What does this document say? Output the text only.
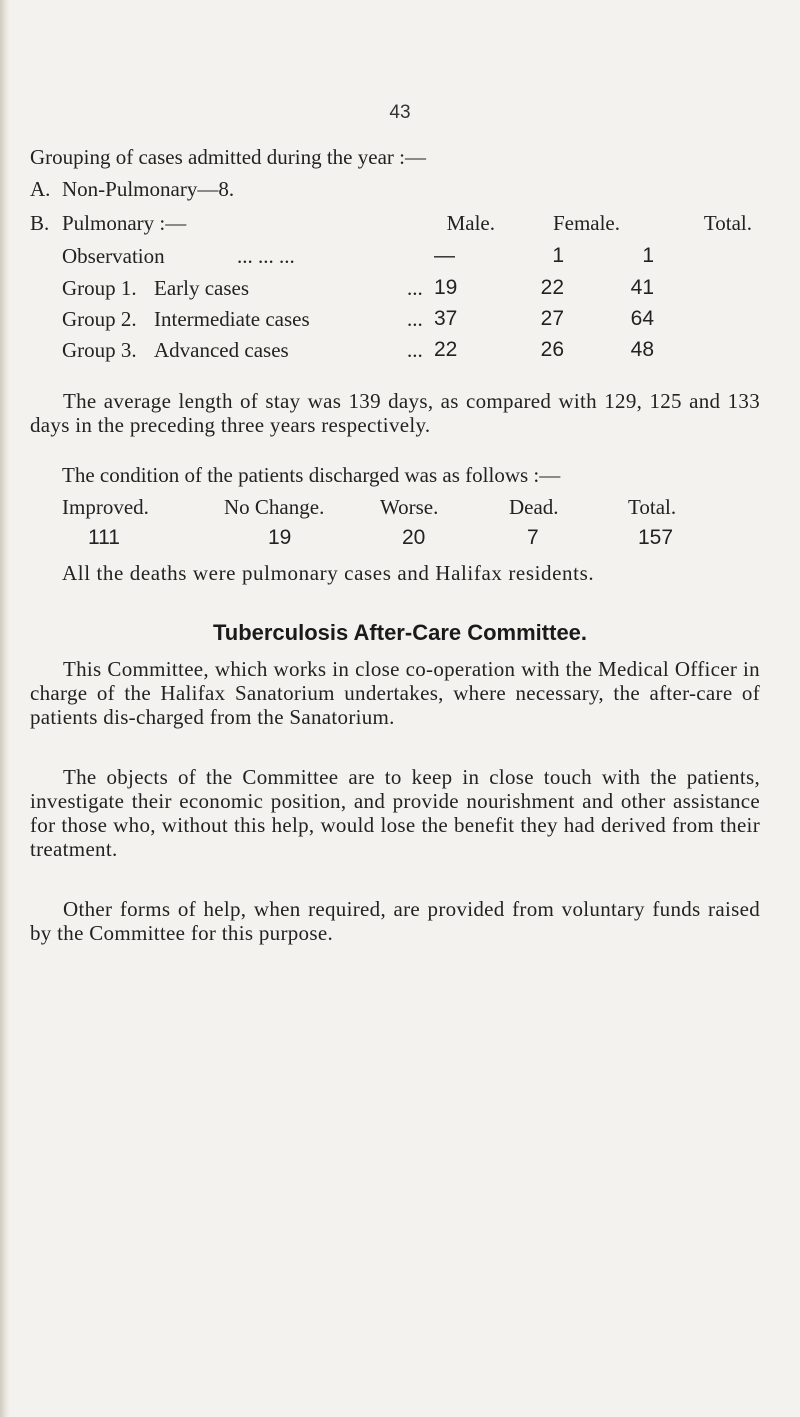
43
Grouping of cases admitted during the year :—
A. Non-Pulmonary—8.
B. Pulmonary :—	Male.	Female.	Total.
Observation	... ... ...	—	1	1
Group 1. Early cases	... 19	22	41
Group 2. Intermediate cases	... 37	27	64
Group 3. Advanced cases	... 22	26	48
The average length of stay was 139 days, as compared with 129, 125 and 133 days in the preceding three years respectively.
The condition of the patients discharged was as follows :—
Improved.	No Change.	Worse.	Dead.	Total.
111	19	20	7	157
All the deaths were pulmonary cases and Halifax residents.
Tuberculosis After-Care Committee.
This Committee, which works in close co-operation with the Medical Officer in charge of the Halifax Sanatorium undertakes, where necessary, the after-care of patients dis-charged from the Sanatorium.
The objects of the Committee are to keep in close touch with the patients, investigate their economic position, and provide nourishment and other assistance for those who, without this help, would lose the benefit they had derived from their treatment.
Other forms of help, when required, are provided from voluntary funds raised by the Committee for this purpose.
